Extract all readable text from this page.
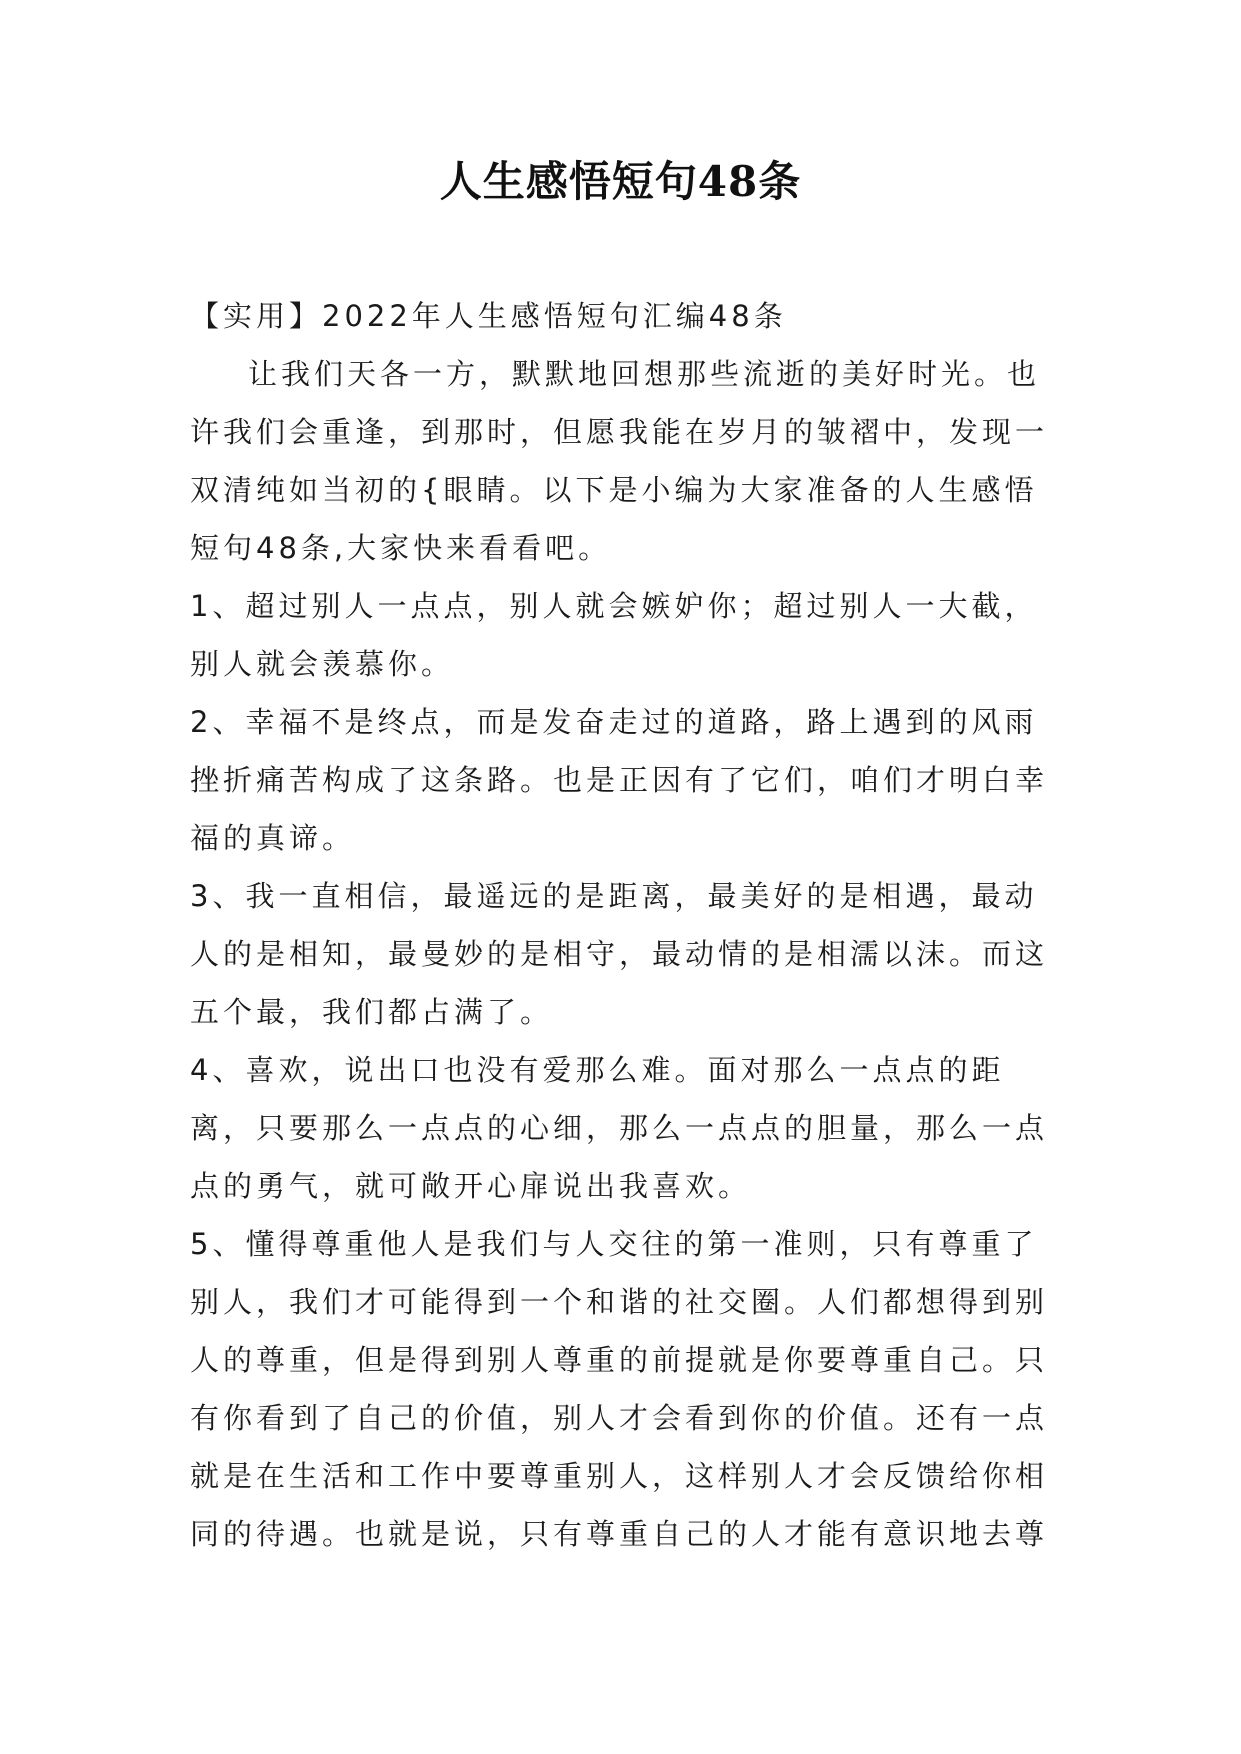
人生感悟短句48条

【实用】2022年人生感悟短句汇编48条

让我们天各一方，默默地回想那些流逝的美好时光。也许我们会重逢，到那时，但愿我能在岁月的皱褶中，发现一双清纯如当初的{眼睛。以下是小编为大家准备的人生感悟短句48条,大家快来看看吧。

1、超过别人一点点，别人就会嫉妒你；超过别人一大截，别人就会羡慕你。

2、幸福不是终点，而是发奋走过的道路，路上遇到的风雨挫折痛苦构成了这条路。也是正因有了它们，咱们才明白幸福的真谛。

3、我一直相信，最遥远的是距离，最美好的是相遇，最动人的是相知，最曼妙的是相守，最动情的是相濡以沫。而这五个最，我们都占满了。

4、喜欢，说出口也没有爱那么难。面对那么一点点的距离，只要那么一点点的心细，那么一点点的胆量，那么一点点的勇气，就可敞开心扉说出我喜欢。

5、懂得尊重他人是我们与人交往的第一准则，只有尊重了别人，我们才可能得到一个和谐的社交圈。人们都想得到别人的尊重，但是得到别人尊重的前提就是你要尊重自己。只有你看到了自己的价值，别人才会看到你的价值。还有一点就是在生活和工作中要尊重别人，这样别人才会反馈给你相同的待遇。也就是说，只有尊重自己的人才能有意识地去尊
